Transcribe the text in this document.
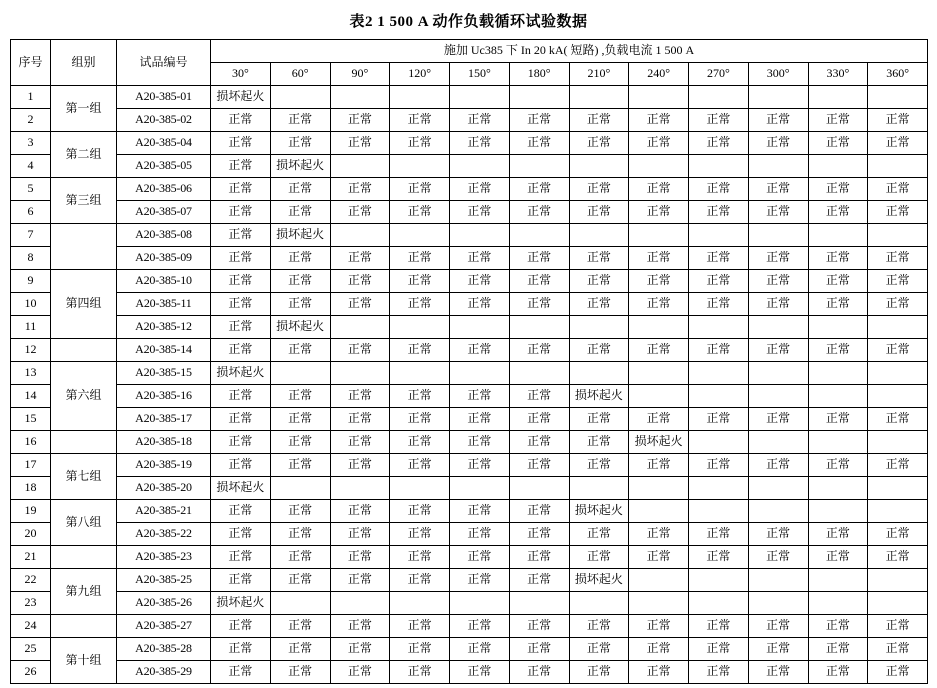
表2 1 500 A 动作负载循环试验数据
序号	组别	试品编号	施加 Uc385 下 In 20 kA( 短路) ,负载电流 1 500 A											
			30°	60°	90°	120°	150°	180°	210°	240°	270°	300°	330°	360°
1	第一组	A20-385-01	损坏起火											
2		A20-385-02	正常	正常	正常	正常	正常	正常	正常	正常	正常	正常	正常	正常
3	第二组	A20-385-04	正常	正常	正常	正常	正常	正常	正常	正常	正常	正常	正常	正常
4		A20-385-05	正常	损坏起火										
5	第三组	A20-385-06	正常	正常	正常	正常	正常	正常	正常	正常	正常	正常	正常	正常
6		A20-385-07	正常	正常	正常	正常	正常	正常	正常	正常	正常	正常	正常	正常
7		A20-385-08	正常	损坏起火										
8		A20-385-09	正常	正常	正常	正常	正常	正常	正常	正常	正常	正常	正常	正常
9	第四组	A20-385-10	正常	正常	正常	正常	正常	正常	正常	正常	正常	正常	正常	正常
10		A20-385-11	正常	正常	正常	正常	正常	正常	正常	正常	正常	正常	正常	正常
11		A20-385-12	正常	损坏起火										
12		A20-385-14	正常	正常	正常	正常	正常	正常	正常	正常	正常	正常	正常	正常
13	第六组	A20-385-15	损坏起火											
14		A20-385-16	正常	正常	正常	正常	正常	正常	损坏起火					
15		A20-385-17	正常	正常	正常	正常	正常	正常	正常	正常	正常	正常	正常	正常
16		A20-385-18	正常	正常	正常	正常	正常	正常	正常	损坏起火				
17	第七组	A20-385-19	正常	正常	正常	正常	正常	正常	正常	正常	正常	正常	正常	正常
18		A20-385-20	损坏起火											
19	第八组	A20-385-21	正常	正常	正常	正常	正常	正常	损坏起火					
20		A20-385-22	正常	正常	正常	正常	正常	正常	正常	正常	正常	正常	正常	正常
21		A20-385-23	正常	正常	正常	正常	正常	正常	正常	正常	正常	正常	正常	正常
22	第九组	A20-385-25	正常	正常	正常	正常	正常	正常	损坏起火					
23		A20-385-26	损坏起火											
24		A20-385-27	正常	正常	正常	正常	正常	正常	正常	正常	正常	正常	正常	正常
25	第十组	A20-385-28	正常	正常	正常	正常	正常	正常	正常	正常	正常	正常	正常	正常
26		A20-385-29	正常	正常	正常	正常	正常	正常	正常	正常	正常	正常	正常	正常
